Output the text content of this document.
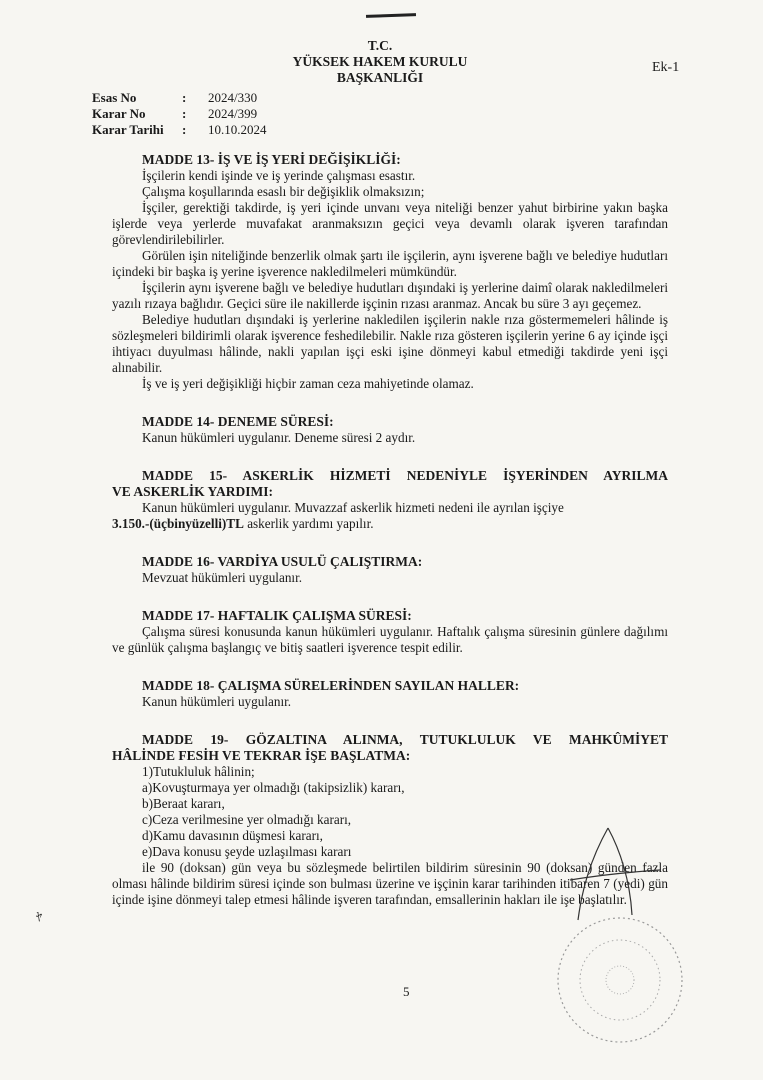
T.C.
YÜKSEK HAKEM KURULU
BAŞKANLIĞI
Ek-1
Esas No	:	2024/330
Karar No	:	2024/399
Karar Tarihi	:	10.10.2024
MADDE 13- İŞ VE İŞ YERİ DEĞİŞİKLİĞİ:
İşçilerin kendi işinde ve iş yerinde çalışması esastır.
Çalışma koşullarında esaslı bir değişiklik olmaksızın;
İşçiler, gerektiği takdirde, iş yeri içinde unvanı veya niteliği benzer yahut birbirine yakın başka işlerde veya yerlerde muvafakat aranmaksızın geçici veya devamlı olarak işveren tarafından görevlendirilebilirler.
Görülen işin niteliğinde benzerlik olmak şartı ile işçilerin, aynı işverene bağlı ve belediye hudutları içindeki bir başka iş yerine işverence nakledilmeleri mümkündür.
İşçilerin aynı işverene bağlı ve belediye hudutları dışındaki iş yerlerine daimî olarak nakledilmeleri yazılı rızaya bağlıdır. Geçici süre ile nakillerde işçinin rızası aranmaz. Ancak bu süre 3 ayı geçemez.
Belediye hudutları dışındaki iş yerlerine nakledilen işçilerin nakle rıza göstermemeleri hâlinde iş sözleşmeleri bildirimli olarak işverence feshedilebilir. Nakle rıza gösteren işçilerin yerine 6 ay içinde işçi ihtiyacı duyulması hâlinde, nakli yapılan işçi eski işine dönmeyi kabul etmediği takdirde yeni işçi alınabilir.
İş ve iş yeri değişikliği hiçbir zaman ceza mahiyetinde olamaz.
MADDE 14- DENEME SÜRESİ:
Kanun hükümleri uygulanır. Deneme süresi 2 aydır.
MADDE 15- ASKERLİK HİZMETİ NEDENİYLE İŞYERİNDEN AYRILMA
VE ASKERLİK YARDIMI:
Kanun hükümleri uygulanır. Muvazzaf askerlik hizmeti nedeni ile ayrılan işçiye
3.150.-(üçbinyüzelli)TL askerlik yardımı yapılır.
MADDE 16- VARDİYA USULÜ ÇALIŞTIRMA:
Mevzuat hükümleri uygulanır.
MADDE 17- HAFTALIK ÇALIŞMA SÜRESİ:
Çalışma süresi konusunda kanun hükümleri uygulanır. Haftalık çalışma süresinin günlere dağılımı ve günlük çalışma başlangıç ve bitiş saatleri işverence tespit edilir.
MADDE 18- ÇALIŞMA SÜRELERİNDEN SAYILAN HALLER:
Kanun hükümleri uygulanır.
MADDE 19- GÖZALTINA ALINMA, TUTUKLULUK VE MAHKÛMİYET
HÂLİNDE FESİH VE TEKRAR İŞE BAŞLATMA:
1)Tutukluluk hâlinin;
a)Kovuşturmaya yer olmadığı (takipsizlik) kararı,
b)Beraat kararı,
c)Ceza verilmesine yer olmadığı kararı,
d)Kamu davasının düşmesi kararı,
e)Dava konusu şeyde uzlaşılması kararı
ile 90 (doksan) gün veya bu sözleşmede belirtilen bildirim süresinin 90 (doksan) günden fazla olması hâlinde bildirim süresi içinde son bulması üzerine ve işçinin karar tarihinden itibaren 7 (yedi) gün içinde işine dönmeyi talep etmesi hâlinde işveren tarafından, emsallerinin hakları ile işe başlatılır.
ﾔ
5
